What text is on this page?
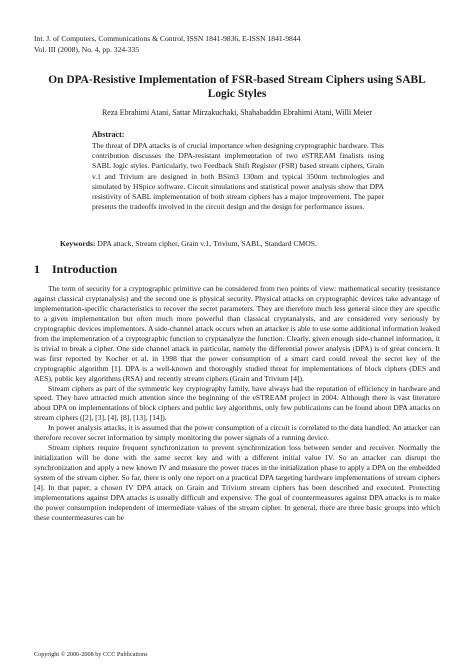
Int. J. of Computers, Communications & Control, ISSN 1841-9836, E-ISSN 1841-9844
Vol. III (2008), No. 4, pp. 324-335
On DPA-Resistive Implementation of FSR-based Stream Ciphers using SABL Logic Styles
Reza Ebrahimi Atani, Sattar Mirzakuchaki, Shahabaddin Ebrahimi Atani, Willi Meier
Abstract:
The threat of DPA attacks is of crucial importance when designing cryptographic hardware. This contribution discusses the DPA-resistant implementation of two eSTREAM finalists using SABL logic styles. Particularly, two Feedback Shift Register (FSR) based stream ciphers, Grain v.1 and Trivium are designed in both BSim3 130nm and typical 350nm technologies and simulated by HSpice software. Circuit simulations and statistical power analysis show that DPA resistivity of SABL implementation of both stream ciphers has a major improvement. The paper presents the tradeoffs involved in the circuit design and the design for performance issues.
Keywords: DPA attack, Stream cipher, Grain v.1, Trivium, SABL, Standard CMOS.
1 Introduction

The term of security for a cryptographic primitive can be considered from two points of view: mathematical security (resistance against classical cryptanalysis) and the second one is physical security. Physical attacks on cryptographic devices take advantage of implementation-specific characteristics to recover the secret parameters. They are therefore much less general since they are specific to a given implementation but often much more powerful than classical cryptanalysis, and are considered very seriously by cryptographic devices implementors. A side-channel attack occurs when an attacker is able to use some additional information leaked from the implementation of a cryptographic function to cryptanalyze the function. Clearly, given enough side-channel information, it is trivial to break a cipher. One side channel attack in particular, namely the differential power analysis (DPA) is of great concern. It was first reported by Kocher et al. in 1998 that the power consumption of a smart card could reveal the secret key of the cryptographic algorithm [1]. DPA is a well-known and thoroughly studied threat for implementations of block ciphers (DES and AES), public key algorithms (RSA) and recently stream ciphers (Grain and Trivium [4]).

Stream ciphers as part of the symmetric key cryptography family, have always had the reputation of efficiency in hardware and speed. They have attracted much attention since the beginning of the eSTREAM project in 2004. Although there is vast literature about DPA on implementations of block ciphers and public key algorithms, only few publications can be found about DPA attacks on stream ciphers ([2], [3], [4], [8], [13], [14]).

In power analysis attacks, it is assumed that the power consumption of a circuit is correlated to the data handled. An attacker can therefore recover secret information by simply monitoring the power signals of a running device.

Stream ciphers require frequent synchronization to prevent synchronization loss between sender and receiver. Normally the initialization will be done with the same secret key and with a different initial value IV. So an attacker can disrupt the synchronization and apply a new known IV and measure the power traces in the initialization phase to apply a DPA on the embedded system of the stream cipher. So far, there is only one report on a practical DPA targeting hardware implementations of stream ciphers [4]. In that paper, a chosen IV DPA attack on Grain and Trivium stream ciphers has been described and executed. Protecting implementations against DPA attacks is usually difficult and expensive. The goal of countermeasures against DPA attacks is to make the power consumption independent of intermediate values of the stream cipher. In general, there are three basic groups into which these countermeasures can be

Copyright © 2006-2008 by CCC Publications
